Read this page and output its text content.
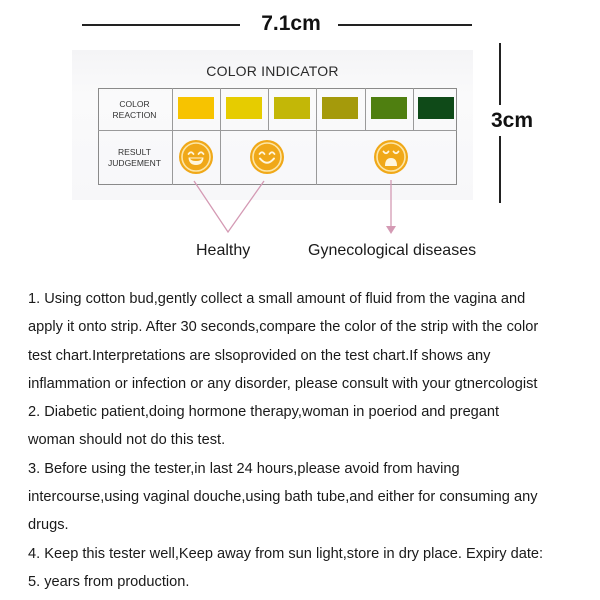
7.1cm
3cm
COLOR INDICATOR
COLOR
REACTION
RESULT
JUDGEMENT
Healthy	Gynecological diseases
1. Using cotton bud,gently collect a small amount of fluid from the vagina and
apply it onto strip. After 30 seconds,compare the color of the strip with the color
test chart.Interpretations are slsoprovided on the test chart.If shows any
inflammation or infection or any disorder, please consult with your gtnercologist
2. Diabetic patient,doing hormone therapy,woman in poeriod and pregant
woman should not do this test.
3. Before using the tester,in last 24 hours,please avoid from having
intercourse,using vaginal douche,using bath tube,and either for consuming any
drugs.
4. Keep this tester well,Keep away from sun light,store in dry place. Expiry date:
5. years from production.
